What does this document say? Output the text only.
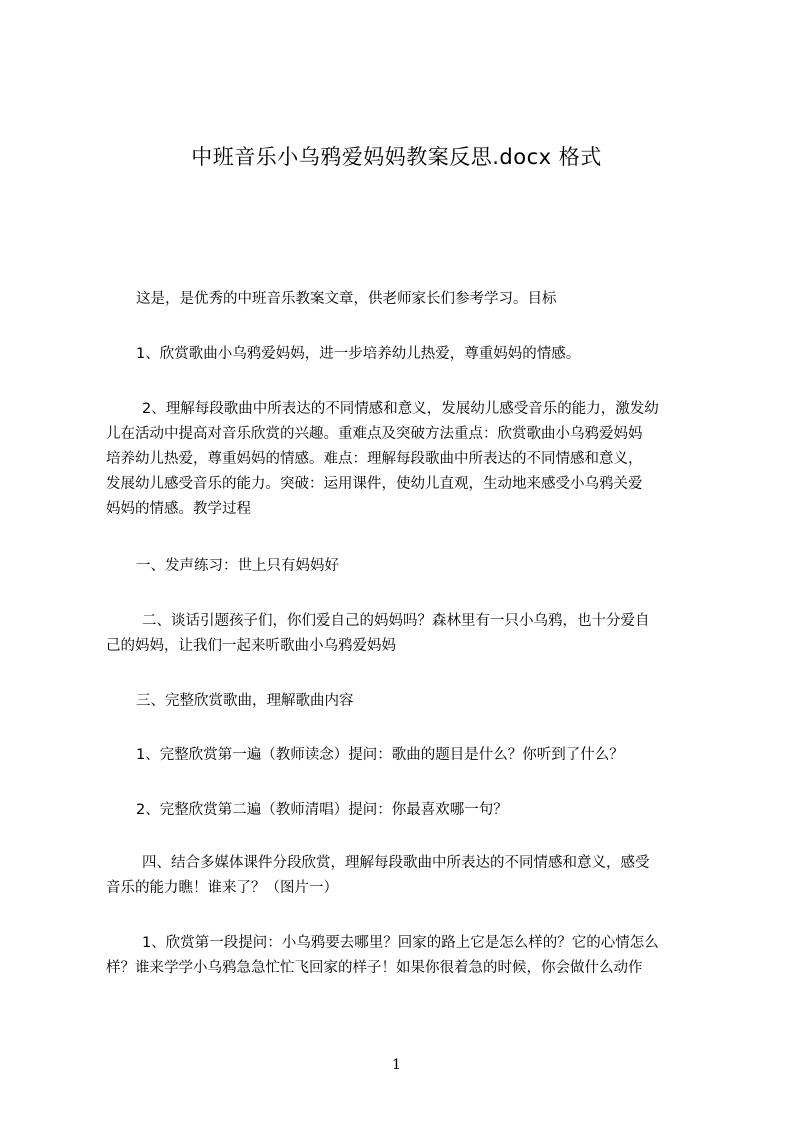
中班音乐小乌鸦爱妈妈教案反思.docx 格式
这是，是优秀的中班音乐教案文章，供老师家长们参考学习。目标
1、欣赏歌曲小乌鸦爱妈妈，进一步培养幼儿热爱，尊重妈妈的情感。
2、理解每段歌曲中所表达的不同情感和意义，发展幼儿感受音乐的能力，激发幼
儿在活动中提高对音乐欣赏的兴趣。重难点及突破方法重点：欣赏歌曲小乌鸦爱妈妈
培养幼儿热爱，尊重妈妈的情感。难点：理解每段歌曲中所表达的不同情感和意义，
发展幼儿感受音乐的能力。突破：运用课件，使幼儿直观，生动地来感受小乌鸦关爱
妈妈的情感。教学过程
一、发声练习：世上只有妈妈好
二、谈话引题孩子们，你们爱自己的妈妈吗？森林里有一只小乌鸦，也十分爱自
己的妈妈，让我们一起来听歌曲小乌鸦爱妈妈
三、完整欣赏歌曲，理解歌曲内容
1、完整欣赏第一遍（教师读念）提问：歌曲的题目是什么？你听到了什么？
2、完整欣赏第二遍（教师清唱）提问：你最喜欢哪一句？
四、结合多媒体课件分段欣赏，理解每段歌曲中所表达的不同情感和意义，感受
音乐的能力瞧！谁来了？（图片一）
1、欣赏第一段提问：小乌鸦要去哪里？回家的路上它是怎么样的？它的心情怎么
样？谁来学学小乌鸦急急忙忙飞回家的样子！如果你很着急的时候，你会做什么动作
1
